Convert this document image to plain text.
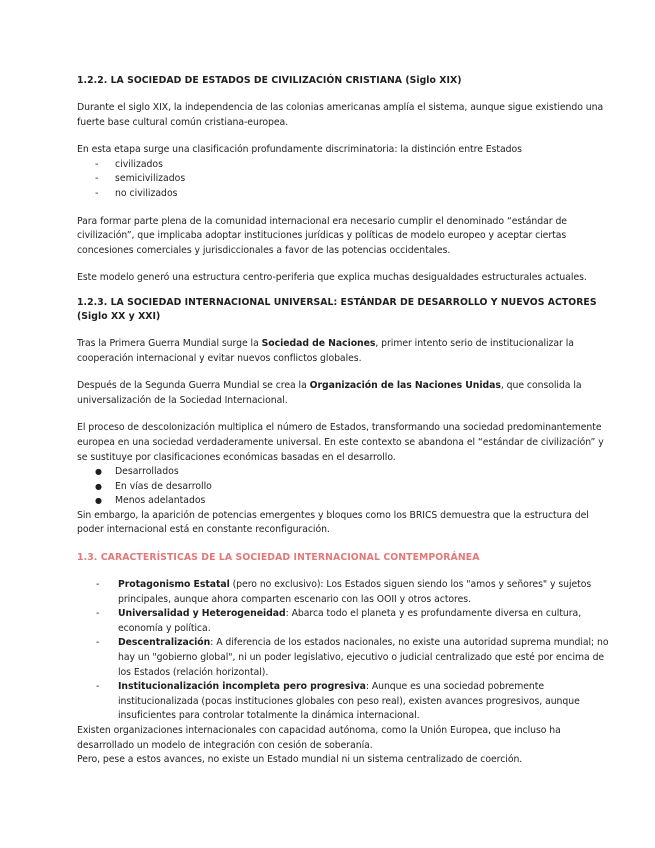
1.2.2. LA SOCIEDAD DE ESTADOS DE CIVILIZACIÓN CRISTIANA (Siglo XIX)

Durante el siglo XIX, la independencia de las colonias americanas amplía el sistema, aunque sigue existiendo una fuerte base cultural común cristiana-europea.

En esta etapa surge una clasificación profundamente discriminatoria: la distinción entre Estados

- civilizados
- semicivilizados
- no civilizados

Para formar parte plena de la comunidad internacional era necesario cumplir el denominado “estándar de civilización”, que implicaba adoptar instituciones jurídicas y políticas de modelo europeo y aceptar ciertas concesiones comerciales y jurisdiccionales a favor de las potencias occidentales.

Este modelo generó una estructura centro-periferia que explica muchas desigualdades estructurales actuales.

1.2.3. LA SOCIEDAD INTERNACIONAL UNIVERSAL: ESTÁNDAR DE DESARROLLO Y NUEVOS ACTORES (Siglo XX y XXI)

Tras la Primera Guerra Mundial surge la Sociedad de Naciones, primer intento serio de institucionalizar la cooperación internacional y evitar nuevos conflictos globales.

Después de la Segunda Guerra Mundial se crea la Organización de las Naciones Unidas, que consolida la universalización de la Sociedad Internacional.

El proceso de descolonización multiplica el número de Estados, transformando una sociedad predominantemente europea en una sociedad verdaderamente universal. En este contexto se abandona el “estándar de civilización” y se sustituye por clasificaciones económicas basadas en el desarrollo.

● Desarrollados
● En vías de desarrollo
● Menos adelantados

Sin embargo, la aparición de potencias emergentes y bloques como los BRICS demuestra que la estructura del poder internacional está en constante reconfiguración.

1.3. CARACTERÍSTICAS DE LA SOCIEDAD INTERNACIONAL CONTEMPORÁNEA
- Protagonismo Estatal (pero no exclusivo): Los Estados siguen siendo los "amos y señores" y sujetos principales, aunque ahora comparten escenario con las OOII y otros actores.
- Universalidad y Heterogeneidad: Abarca todo el planeta y es profundamente diversa en cultura, economía y política.
- Descentralización: A diferencia de los estados nacionales, no existe una autoridad suprema mundial; no hay un "gobierno global", ni un poder legislativo, ejecutivo o judicial centralizado que esté por encima de los Estados (relación horizontal).
- Institucionalización incompleta pero progresiva: Aunque es una sociedad pobremente institucionalizada (pocas instituciones globales con peso real), existen avances progresivos, aunque insuficientes para controlar totalmente la dinámica internacional.

Existen organizaciones internacionales con capacidad autónoma, como la Unión Europea, que incluso ha desarrollado un modelo de integración con cesión de soberanía.

Pero, pese a estos avances, no existe un Estado mundial ni un sistema centralizado de coerción.
